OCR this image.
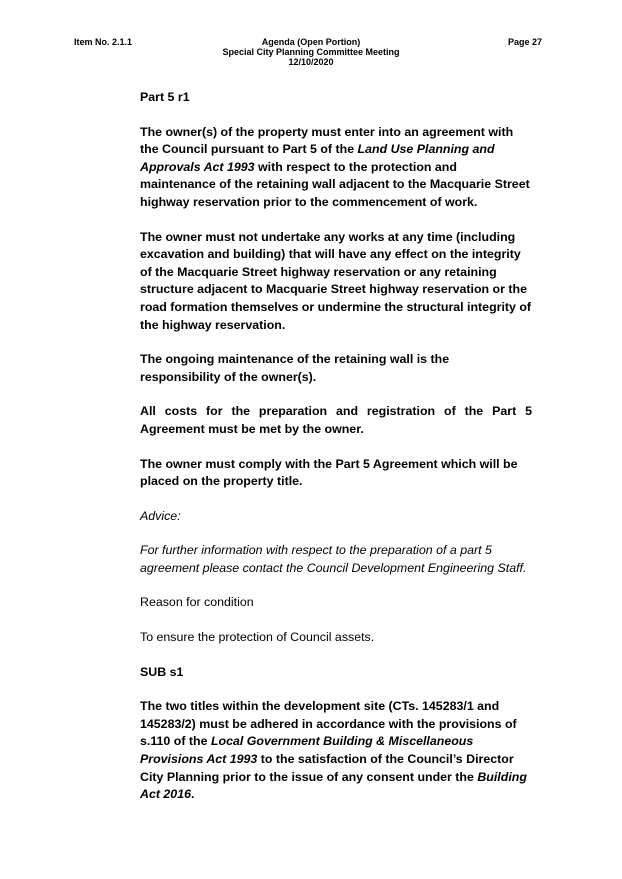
Item No. 2.1.1	Agenda (Open Portion)
Special City Planning Committee Meeting
12/10/2020
Page 27

Part 5 r1

The owner(s) of the property must enter into an agreement with the Council pursuant to Part 5 of the Land Use Planning and Approvals Act 1993 with respect to the protection and maintenance of the retaining wall adjacent to the Macquarie Street highway reservation prior to the commencement of work.

The owner must not undertake any works at any time (including excavation and building) that will have any effect on the integrity of the Macquarie Street highway reservation or any retaining structure adjacent to Macquarie Street highway reservation or the road formation themselves or undermine the structural integrity of the highway reservation.

The ongoing maintenance of the retaining wall is the responsibility of the owner(s).

All costs for the preparation and registration of the Part 5 Agreement must be met by the owner.

The owner must comply with the Part 5 Agreement which will be placed on the property title.

Advice:

For further information with respect to the preparation of a part 5 agreement please contact the Council Development Engineering Staff.

Reason for condition

To ensure the protection of Council assets.

SUB s1

The two titles within the development site (CTs. 145283/1 and 145283/2) must be adhered in accordance with the provisions of s.110 of the Local Government Building & Miscellaneous Provisions Act 1993 to the satisfaction of the Council’s Director City Planning prior to the issue of any consent under the Building Act 2016.
